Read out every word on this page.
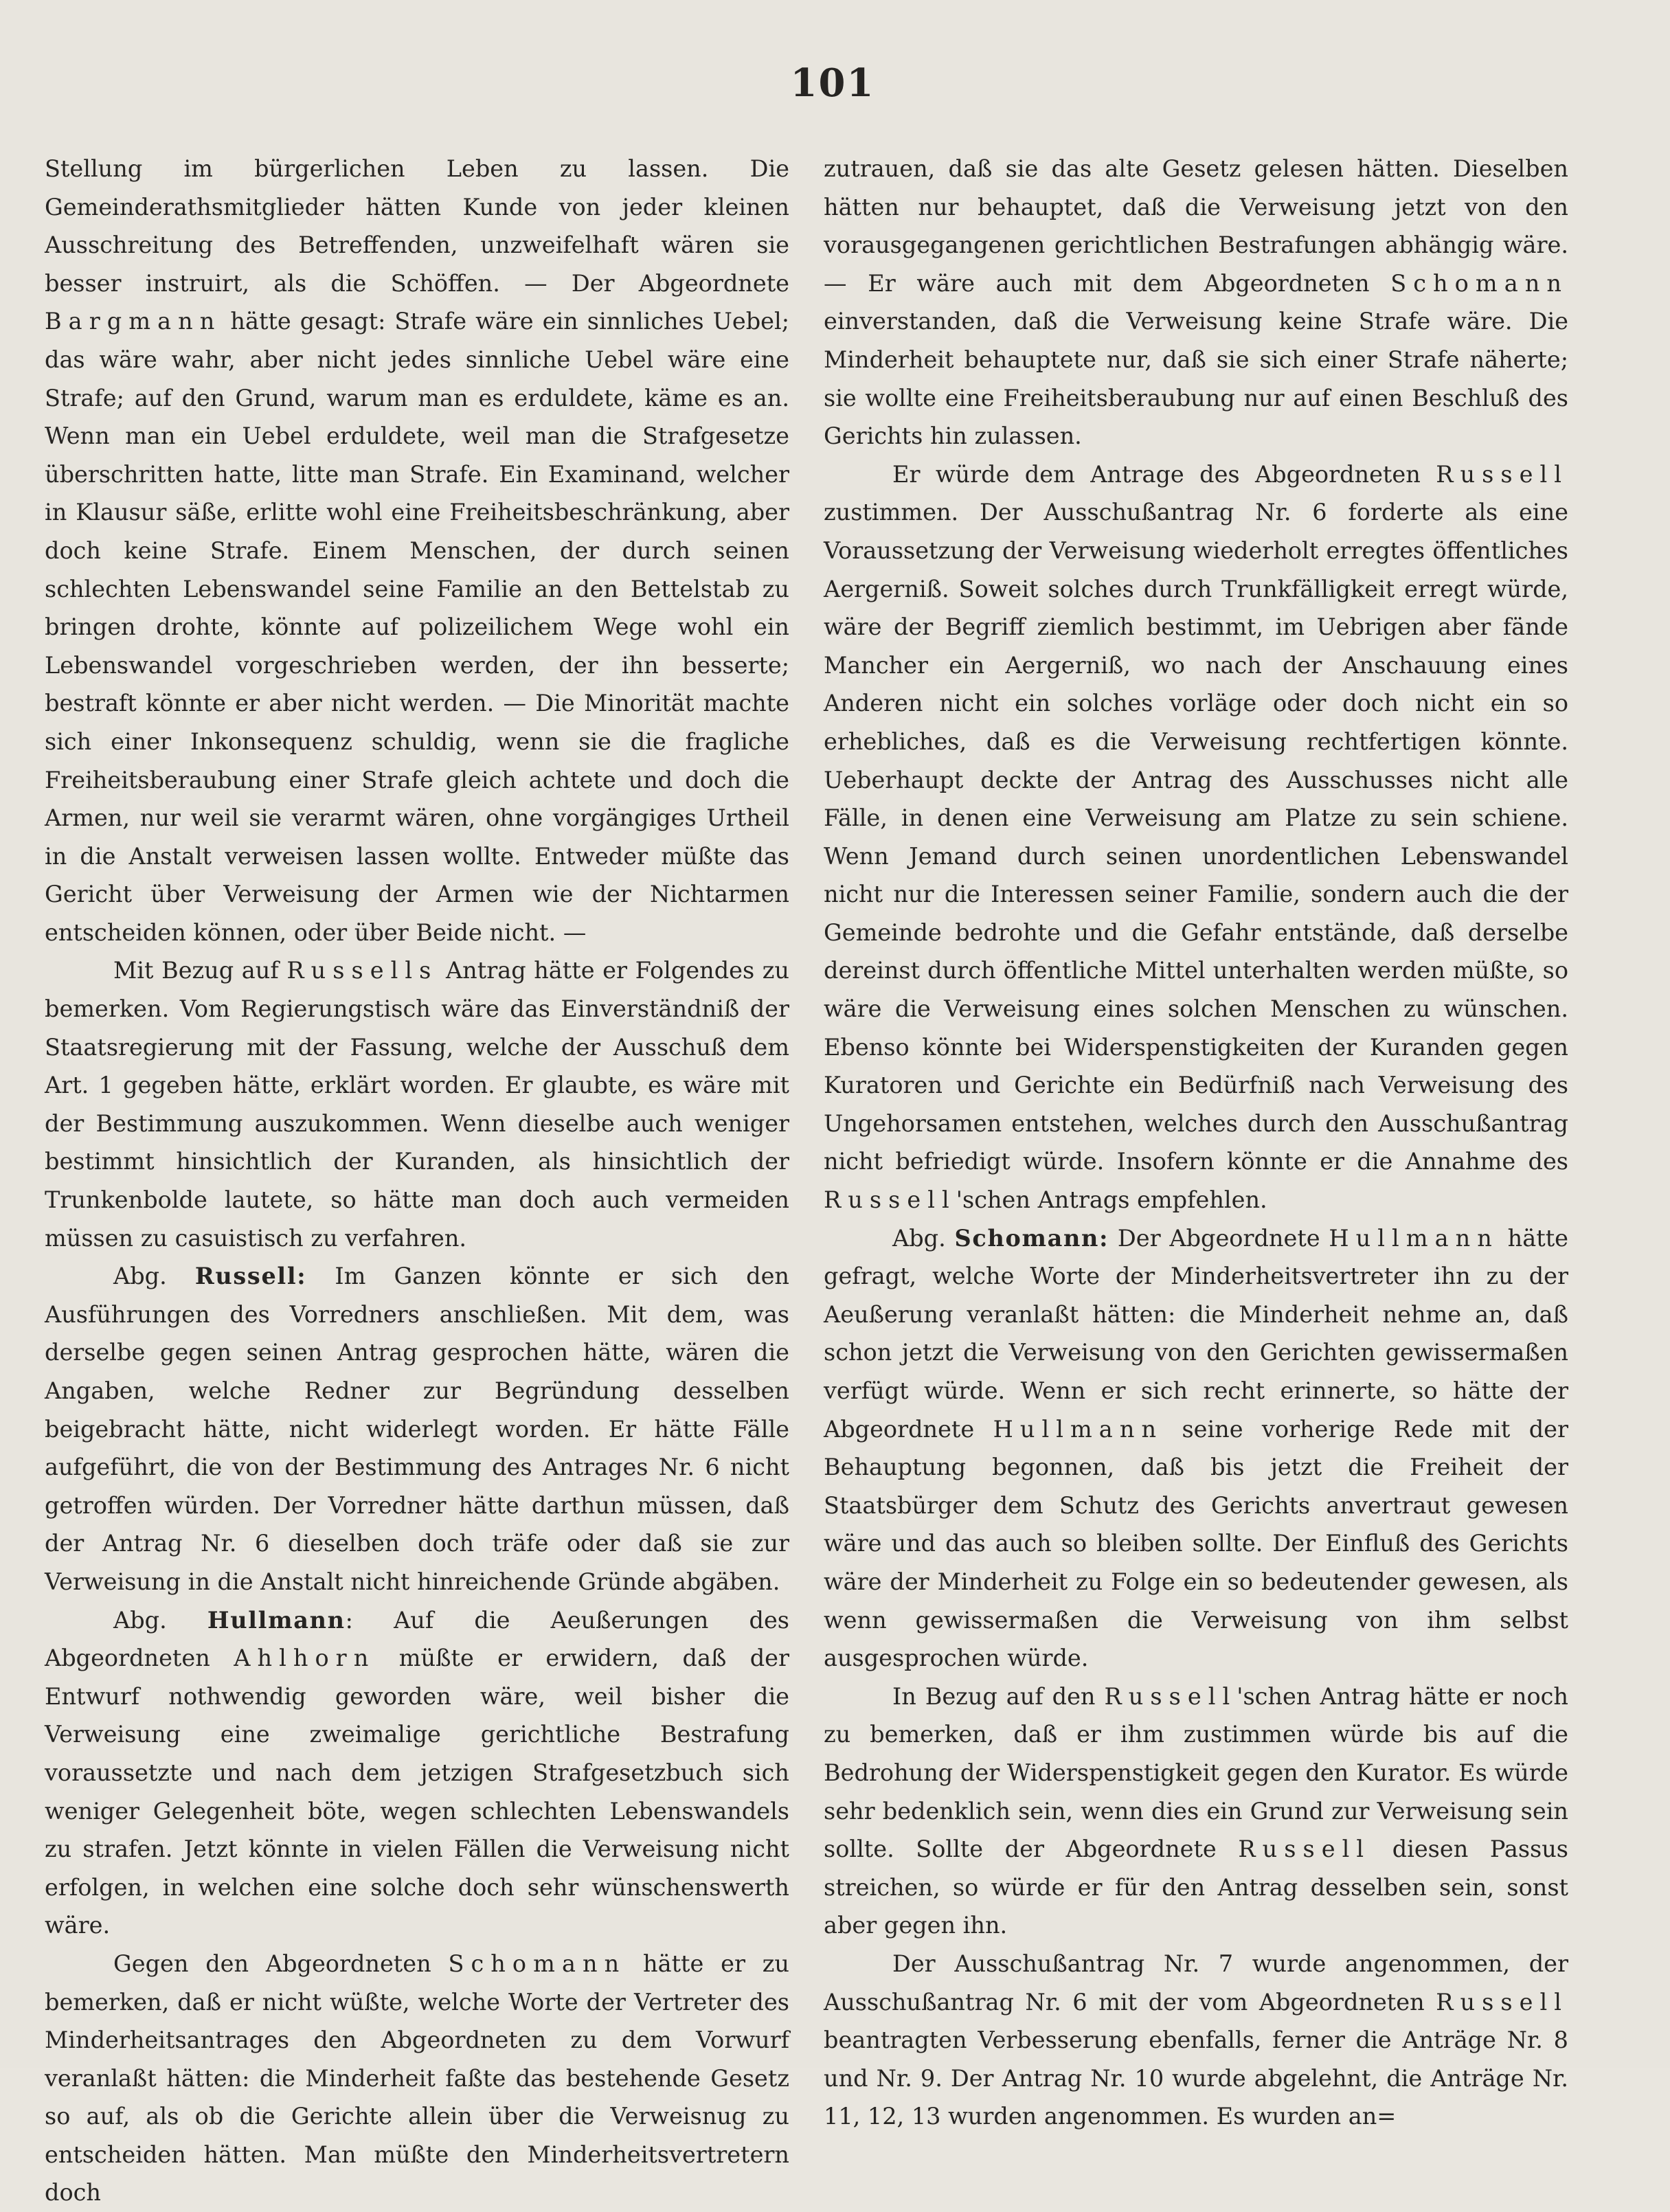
101

Stellung im bürgerlichen Leben zu lassen. Die Gemeinderathsmitglieder hätten Kunde von jeder kleinen Ausschreitung des Betreffenden, unzweifelhaft wären sie besser instruirt, als die Schöffen. — Der Abgeordnete Bargmann hätte gesagt: Strafe wäre ein sinnliches Uebel; das wäre wahr, aber nicht jedes sinnliche Uebel wäre eine Strafe; auf den Grund, warum man es erduldete, käme es an. Wenn man ein Uebel erduldete, weil man die Strafgesetze überschritten hatte, litte man Strafe. Ein Examinand, welcher in Klausur säße, erlitte wohl eine Freiheitsbeschränkung, aber doch keine Strafe. Einem Menschen, der durch seinen schlechten Lebenswandel seine Familie an den Bettelstab zu bringen drohte, könnte auf polizeilichem Wege wohl ein Lebenswandel vorgeschrieben werden, der ihn besserte; bestraft könnte er aber nicht werden. — Die Minorität machte sich einer Inkonsequenz schuldig, wenn sie die fragliche Freiheitsberaubung einer Strafe gleich achtete und doch die Armen, nur weil sie verarmt wären, ohne vorgängiges Urtheil in die Anstalt verweisen lassen wollte. Entweder müßte das Gericht über Verweisung der Armen wie der Nichtarmen entscheiden können, oder über Beide nicht. —

Mit Bezug auf Russells Antrag hätte er Folgendes zu bemerken. Vom Regierungstisch wäre das Einverständniß der Staatsregierung mit der Fassung, welche der Ausschuß dem Art. 1 gegeben hätte, erklärt worden. Er glaubte, es wäre mit der Bestimmung auszukommen. Wenn dieselbe auch weniger bestimmt hinsichtlich der Kuranden, als hinsichtlich der Trunkenbolde lautete, so hätte man doch auch vermeiden müssen zu casuistisch zu verfahren.

Abg. Russell: Im Ganzen könnte er sich den Ausführungen des Vorredners anschließen. Mit dem, was derselbe gegen seinen Antrag gesprochen hätte, wären die Angaben, welche Redner zur Begründung desselben beigebracht hätte, nicht widerlegt worden. Er hätte Fälle aufgeführt, die von der Bestimmung des Antrages Nr. 6 nicht getroffen würden. Der Vorredner hätte darthun müssen, daß der Antrag Nr. 6 dieselben doch träfe oder daß sie zur Verweisung in die Anstalt nicht hinreichende Gründe abgäben.

Abg. Hullmann: Auf die Aeußerungen des Abgeordneten Ahlhorn müßte er erwidern, daß der Entwurf nothwendig geworden wäre, weil bisher die Verweisung eine zweimalige gerichtliche Bestrafung voraussetzte und nach dem jetzigen Strafgesetzbuch sich weniger Gelegenheit böte, wegen schlechten Lebenswandels zu strafen. Jetzt könnte in vielen Fällen die Verweisung nicht erfolgen, in welchen eine solche doch sehr wünschenswerth wäre.

Gegen den Abgeordneten Schomann hätte er zu bemerken, daß er nicht wüßte, welche Worte der Vertreter des Minderheitsantrages den Abgeordneten zu dem Vorwurf veranlaßt hätten: die Minderheit faßte das bestehende Gesetz so auf, als ob die Gerichte allein über die Verweisnug zu entscheiden hätten. Man müßte den Minderheitsvertretern doch

zutrauen, daß sie das alte Gesetz gelesen hätten. Dieselben hätten nur behauptet, daß die Verweisung jetzt von den vorausgegangenen gerichtlichen Bestrafungen abhängig wäre. — Er wäre auch mit dem Abgeordneten Schomann einverstanden, daß die Verweisung keine Strafe wäre. Die Minderheit behauptete nur, daß sie sich einer Strafe näherte; sie wollte eine Freiheitsberaubung nur auf einen Beschluß des Gerichts hin zulassen.

Er würde dem Antrage des Abgeordneten Russell zustimmen. Der Ausschußantrag Nr. 6 forderte als eine Voraussetzung der Verweisung wiederholt erregtes öffentliches Aergerniß. Soweit solches durch Trunkfälligkeit erregt würde, wäre der Begriff ziemlich bestimmt, im Uebrigen aber fände Mancher ein Aergerniß, wo nach der Anschauung eines Anderen nicht ein solches vorläge oder doch nicht ein so erhebliches, daß es die Verweisung rechtfertigen könnte. Ueberhaupt deckte der Antrag des Ausschusses nicht alle Fälle, in denen eine Verweisung am Platze zu sein schiene. Wenn Jemand durch seinen unordentlichen Lebenswandel nicht nur die Interessen seiner Familie, sondern auch die der Gemeinde bedrohte und die Gefahr entstände, daß derselbe dereinst durch öffentliche Mittel unterhalten werden müßte, so wäre die Verweisung eines solchen Menschen zu wünschen. Ebenso könnte bei Widerspenstigkeiten der Kuranden gegen Kuratoren und Gerichte ein Bedürfniß nach Verweisung des Ungehorsamen entstehen, welches durch den Ausschußantrag nicht befriedigt würde. Insofern könnte er die Annahme des Russell'schen Antrags empfehlen.

Abg. Schomann: Der Abgeordnete Hullmann hätte gefragt, welche Worte der Minderheitsvertreter ihn zu der Aeußerung veranlaßt hätten: die Minderheit nehme an, daß schon jetzt die Verweisung von den Gerichten gewissermaßen verfügt würde. Wenn er sich recht erinnerte, so hätte der Abgeordnete Hullmann seine vorherige Rede mit der Behauptung begonnen, daß bis jetzt die Freiheit der Staatsbürger dem Schutz des Gerichts anvertraut gewesen wäre und das auch so bleiben sollte. Der Einfluß des Gerichts wäre der Minderheit zu Folge ein so bedeutender gewesen, als wenn gewissermaßen die Verweisung von ihm selbst ausgesprochen würde.

In Bezug auf den Russell'schen Antrag hätte er noch zu bemerken, daß er ihm zustimmen würde bis auf die Bedrohung der Widerspenstigkeit gegen den Kurator. Es würde sehr bedenklich sein, wenn dies ein Grund zur Verweisung sein sollte. Sollte der Abgeordnete Russell diesen Passus streichen, so würde er für den Antrag desselben sein, sonst aber gegen ihn.

Der Ausschußantrag Nr. 7 wurde angenommen, der Ausschußantrag Nr. 6 mit der vom Abgeordneten Russell beantragten Verbesserung ebenfalls, ferner die Anträge Nr. 8 und Nr. 9. Der Antrag Nr. 10 wurde abgelehnt, die Anträge Nr. 11, 12, 13 wurden angenommen. Es wurden an=
